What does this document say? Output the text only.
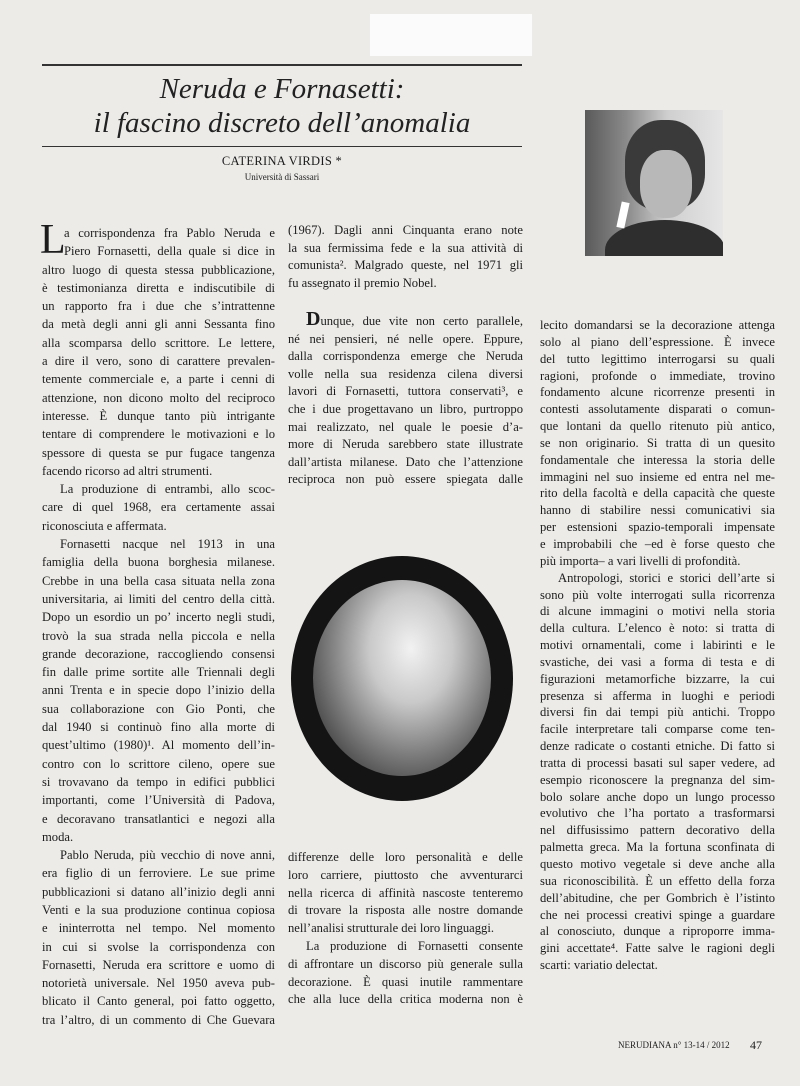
Neruda e Fornasetti:
il fascino discreto dell’anomalia
CATERINA VIRDIS *
Università di Sassari
L
a corrispondenza fra Pablo Neruda e
Piero Fornasetti, della quale si dice in
altro luogo di questa stessa pubblicazione,
è testimonianza diretta e indiscutibile di
un rapporto fra i due che s’intrattenne
da metà degli anni gli anni Sessanta fino
alla scomparsa dello scrittore. Le lettere,
a dire il vero, sono di carattere prevalen-
temente commerciale e, a parte i cenni di
attenzione, non dicono molto del reciproco
interesse. È dunque tanto più intrigante
tentare di comprendere le motivazioni e lo
spessore di questa se pur fugace tangenza
facendo ricorso ad altri strumenti.
La produzione di entrambi, allo scoc-
care di quel 1968, era certamente assai
riconosciuta e affermata.
Fornasetti nacque nel 1913 in una
famiglia della buona borghesia milanese.
Crebbe in una bella casa situata nella zona
universitaria, ai limiti del centro della città.
Dopo un esordio un po’ incerto negli studi,
trovò la sua strada nella piccola e nella
grande decorazione, raccogliendo consensi
fin dalle prime sortite alle Triennali degli
anni Trenta e in specie dopo l’inizio della
sua collaborazione con Gio Ponti, che
dal 1940 si continuò fino alla morte di
quest’ultimo (1980)¹. Al momento dell’in-
contro con lo scrittore cileno, opere sue
si trovavano da tempo in edifici pubblici
importanti, come l’Università di Padova,
e decoravano transatlantici e negozi alla
moda.
Pablo Neruda, più vecchio di nove anni,
era figlio di un ferroviere. Le sue prime
pubblicazioni si datano all’inizio degli anni
Venti e la sua produzione continua copiosa
e ininterrotta nel tempo. Nel momento
in cui si svolse la corrispondenza con
Fornasetti, Neruda era scrittore e uomo di
notorietà universale. Nel 1950 aveva pub-
blicato il Canto general, poi fatto oggetto,
tra l’altro, di un commento di Che Guevara
(1967). Dagli anni Cinquanta erano note
la sua fermissima fede e la sua attività di
comunista². Malgrado queste, nel 1971 gli
fu assegnato il premio Nobel.
Dunque, due vite non certo parallele,
né nei pensieri, né nelle opere. Eppure,
dalla corrispondenza emerge che Neruda
volle nella sua residenza cilena diversi
lavori di Fornasetti, tuttora conservati³, e
che i due progettavano un libro, purtroppo
mai realizzato, nel quale le poesie d’a-
more di Neruda sarebbero state illustrate
dall’artista milanese. Dato che l’attenzione
reciproca non può essere spiegata dalle
differenze delle loro personalità e delle
loro carriere, piuttosto che avventurarci
nella ricerca di affinità nascoste tenteremo
di trovare la risposta alle nostre domande
nell’analisi strutturale dei loro linguaggi.
La produzione di Fornasetti consente
di affrontare un discorso più generale sulla
decorazione. È quasi inutile rammentare
che alla luce della critica moderna non è
lecito domandarsi se la decorazione attenga
solo al piano dell’espressione. È invece
del tutto legittimo interrogarsi su quali
ragioni, profonde o immediate, trovino
fondamento alcune ricorrenze presenti in
contesti assolutamente disparati o comun-
que lontani da quello ritenuto più antico,
se non originario. Si tratta di un quesito
fondamentale che interessa la storia delle
immagini nel suo insieme ed entra nel me-
rito della facoltà e della capacità che queste
hanno di stabilire nessi comunicativi sia
per estensioni spazio-temporali impensate
e improbabili che –ed è forse questo che
più importa– a vari livelli di profondità.
Antropologi, storici e storici dell’arte si
sono più volte interrogati sulla ricorrenza
di alcune immagini o motivi nella storia
della cultura. L’elenco è noto: si tratta di
motivi ornamentali, come i labirinti e le
svastiche, dei vasi a forma di testa e di
figurazioni metamorfiche bizzarre, la cui
presenza si afferma in luoghi e periodi
diversi fin dai tempi più antichi. Troppo
facile interpretare tali comparse come ten-
denze radicate o costanti etniche. Di fatto si
tratta di processi basati sul saper vedere, ad
esempio riconoscere la pregnanza del sim-
bolo solare anche dopo un lungo processo
evolutivo che l’ha portato a trasformarsi
nel diffusissimo pattern decorativo della
palmetta greca. Ma la fortuna sconfinata di
questo motivo vegetale si deve anche alla
sua riconoscibilità. È un effetto della forza
dell’abitudine, che per Gombrich è l’istinto
che nei processi creativi spinge a guardare
al conosciuto, dunque a riproporre imma-
gini accettate⁴. Fatte salve le ragioni degli
scarti: variatio delectat.
NERUDIANA n° 13-14 / 2012 47
